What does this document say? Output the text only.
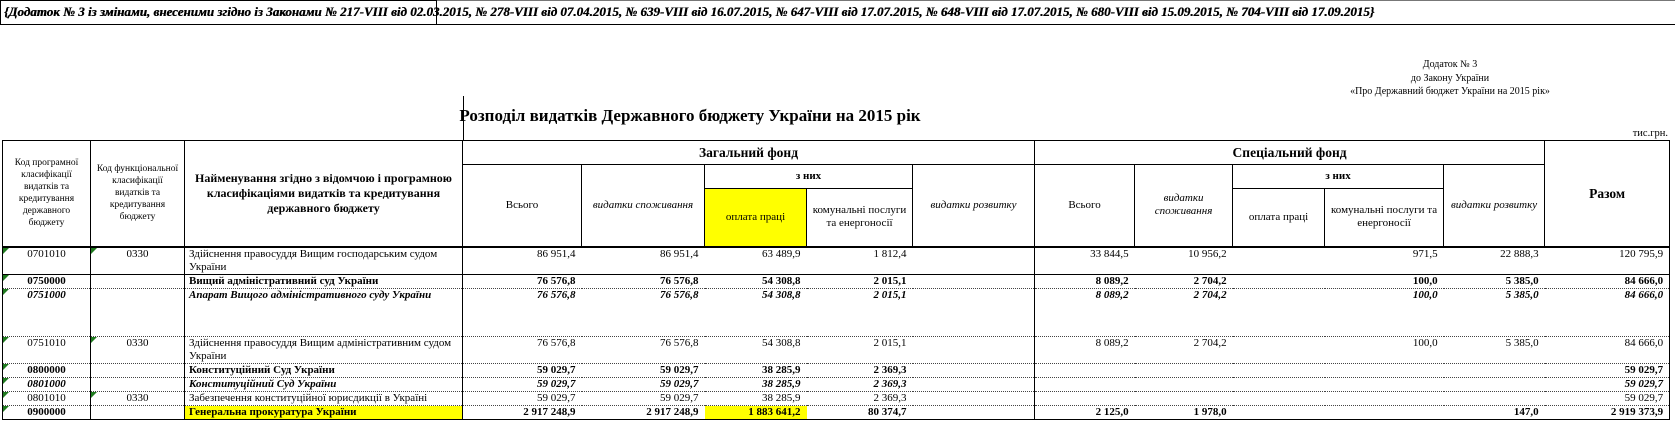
{Додаток № 3 із змінами, внесеними згідно із Законами № 217-VIII від 02.03.2015, № 278-VIII від 07.04.2015, № 639-VIII від 16.07.2015, № 647-VIII від 17.07.2015, № 648-VIII від 17.07.2015, № 680-VIII від 15.09.2015, № 704-VIII від 17.09.2015}
Додаток № 3
до Закону України
«Про Державний бюджет України на 2015 рік»
Розподіл видатків Державного бюджету України на 2015 рік
тис.грн.
Код програмної класифікації видатків та кредитування державного бюджету	Код функціональної класифікації видатків та кредитування бюджету	Найменування згідно з відомчою і програмною класифікаціями видатків та кредитування державного бюджету	Загальний фонд					Спеціальний фонд					Разом
			Всього	видатки споживання	з них		видатки розвитку	Всього	видатки споживання	з них		видатки розвитку	
					оплата праці	комунальні послуги та енергоносії				оплата праці	комунальні послуги та енергоносії		
0701010	0330	Здійснення правосуддя Вищим господарським судом України	86 951,4	86 951,4	63 489,9	1 812,4		33 844,5	10 956,2		971,5	22 888,3	120 795,9
0750000		Вищий адміністративний суд України	76 576,8	76 576,8	54 308,8	2 015,1		8 089,2	2 704,2		100,0	5 385,0	84 666,0
0751000		Апарат Вищого адміністративного суду України	76 576,8	76 576,8	54 308,8	2 015,1		8 089,2	2 704,2		100,0	5 385,0	84 666,0
0751010	0330	Здійснення правосуддя Вищим адміністративним судом України	76 576,8	76 576,8	54 308,8	2 015,1		8 089,2	2 704,2		100,0	5 385,0	84 666,0
0800000		Конституційний Суд України	59 029,7	59 029,7	38 285,9	2 369,3							59 029,7
0801000		Конституційний Суд України	59 029,7	59 029,7	38 285,9	2 369,3							59 029,7
0801010	0330	Забезпечення конституційної юрисдикції в Україні	59 029,7	59 029,7	38 285,9	2 369,3							59 029,7
0900000		Генеральна прокуратура України	2 917 248,9	2 917 248,9	1 883 641,2	80 374,7		2 125,0	1 978,0			147,0	2 919 373,9
